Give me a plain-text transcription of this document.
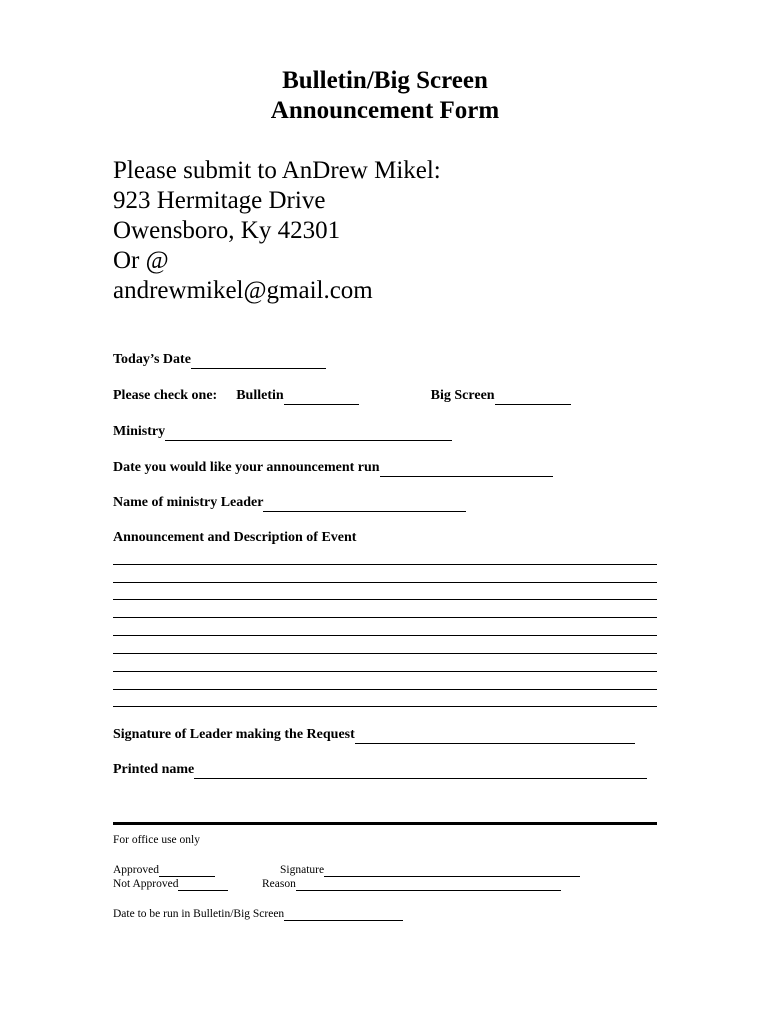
Bulletin/Big Screen
Announcement Form
Please submit to AnDrew Mikel:
923 Hermitage Drive
Owensboro, Ky 42301
Or @
andrewmikel@gmail.com
Today’s Date
Please check one: Bulletin	Big Screen
Ministry
Date you would like your announcement run
Name of ministry Leader
Announcement and Description of Event
Signature of Leader making the Request
Printed name
For office use only
Approved	Signature
Not Approved	Reason
Date to be run in Bulletin/Big Screen
